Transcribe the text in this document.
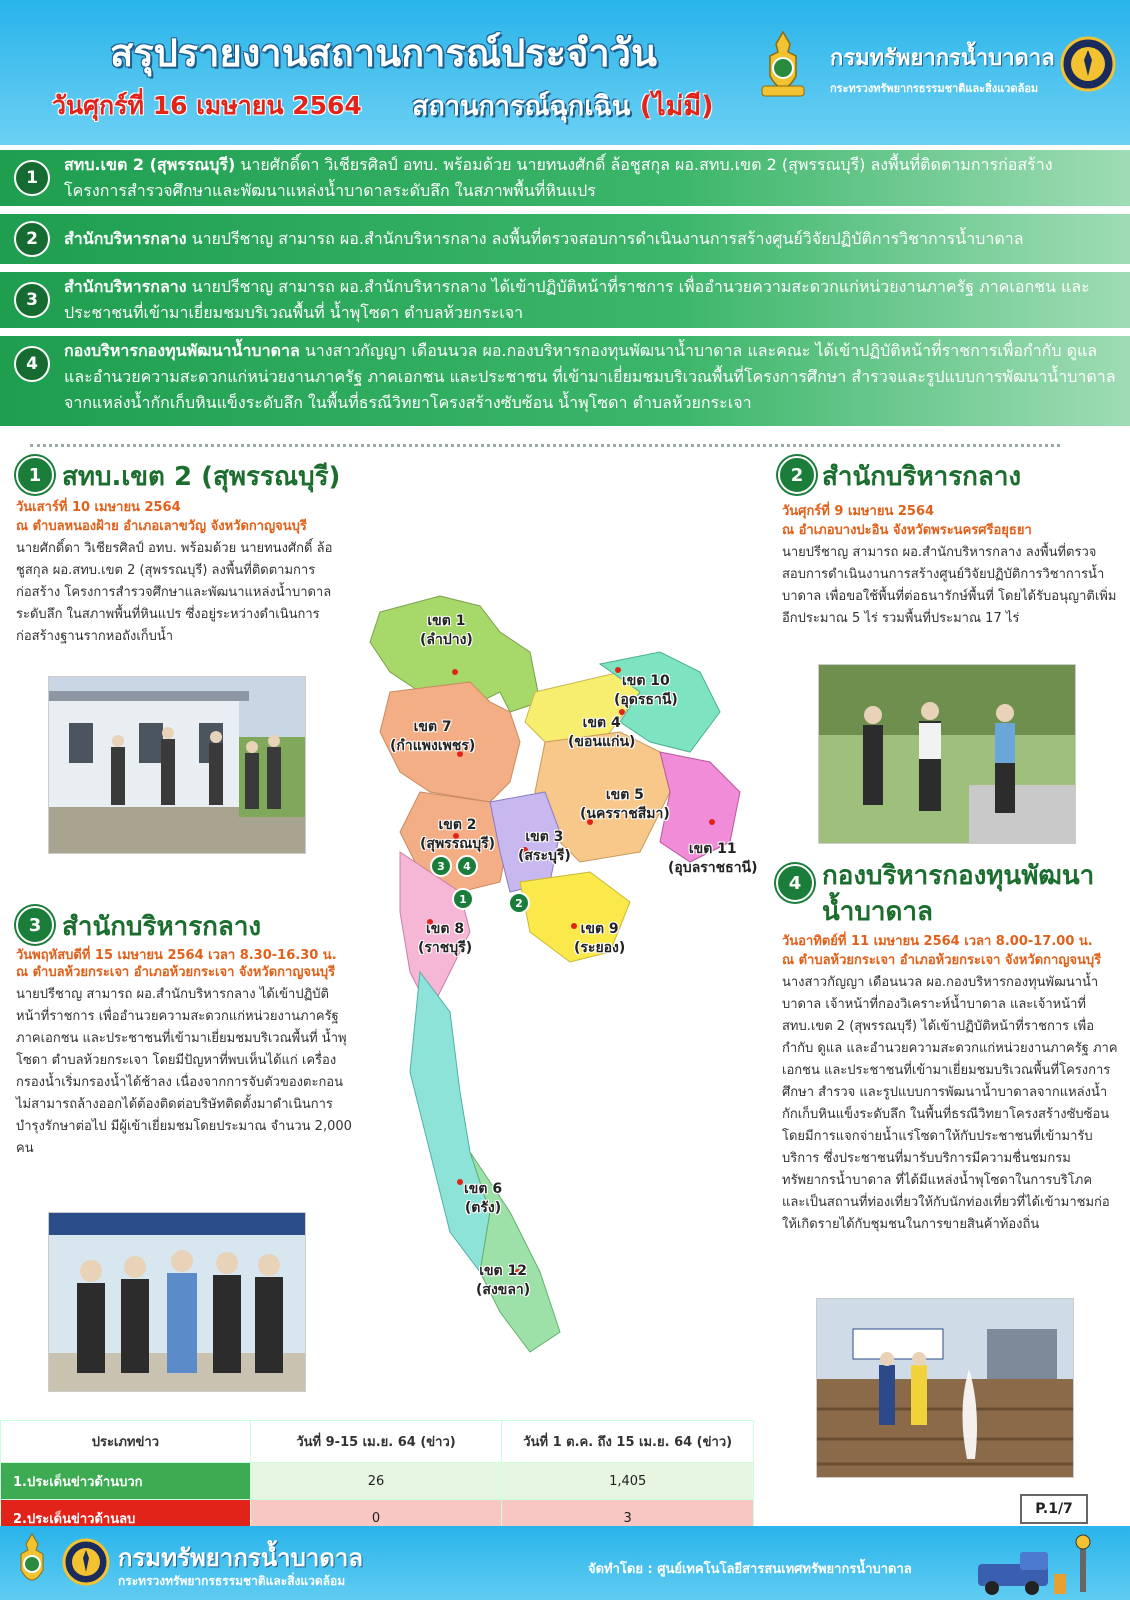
สรุปรายงานสถานการณ์ประจำวัน
วันศุกร์ที่ 16 เมษายน 2564 สถานการณ์ฉุกเฉิน (ไม่มี)
กรมทรัพยากรน้ำบาดาล
กระทรวงทรัพยากรธรรมชาติและสิ่งแวดล้อม
1
สทบ.เขต 2 (สุพรรณบุรี) นายศักดิ์ดา วิเชียรศิลป์ อทบ. พร้อมด้วย นายทนงศักดิ์ ล้อชูสกุล ผอ.สทบ.เขต 2 (สุพรรณบุรี) ลงพื้นที่ติดตามการก่อสร้าง โครงการสำรวจศึกษาและพัฒนาแหล่งน้ำบาดาลระดับลึก ในสภาพพื้นที่หินแปร
2	สำนักบริหารกลาง นายปรีชาญ สามารถ ผอ.สำนักบริหารกลาง ลงพื้นที่ตรวจสอบการดำเนินงานการสร้างศูนย์วิจัยปฏิบัติการวิชาการน้ำบาดาล
3
สำนักบริหารกลาง นายปรีชาญ สามารถ ผอ.สำนักบริหารกลาง ได้เข้าปฏิบัติหน้าที่ราชการ เพื่ออำนวยความสะดวกแก่หน่วยงานภาครัฐ ภาคเอกชน และประชาชนที่เข้ามาเยี่ยมชมบริเวณพื้นที่ น้ำพุโซดา ตำบลห้วยกระเจา
4
กองบริหารกองทุนพัฒนาน้ำบาดาล นางสาวกัญญา เดือนนวล ผอ.กองบริหารกองทุนพัฒนาน้ำบาดาล และคณะ ได้เข้าปฏิบัติหน้าที่ราชการเพื่อกำกับ ดูแล และอำนวยความสะดวกแก่หน่วยงานภาครัฐ ภาคเอกชน และประชาชน ที่เข้ามาเยี่ยมชมบริเวณพื้นที่โครงการศึกษา สำรวจและรูปแบบการพัฒนาน้ำบาดาลจากแหล่งน้ำกักเก็บหินแข็งระดับลึก ในพื้นที่ธรณีวิทยาโครงสร้างซับซ้อน น้ำพุโซดา ตำบลห้วยกระเจา
1 สทบ.เขต 2 (สุพรรณบุรี)
วันเสาร์ที่ 10 เมษายน 2564
ณ ตำบลหนองฝ้าย อำเภอเลาขวัญ จังหวัดกาญจนบุรี
นายศักดิ์ดา วิเชียรศิลป์ อทบ. พร้อมด้วย นายทนงศักดิ์ ล้อชูสกุล ผอ.สทบ.เขต 2 (สุพรรณบุรี) ลงพื้นที่ติดตามการก่อสร้าง โครงการสำรวจศึกษาและพัฒนาแหล่งน้ำบาดาลระดับลึก ในสภาพพื้นที่หินแปร ซึ่งอยู่ระหว่างดำเนินการก่อสร้างฐานรากหอถังเก็บน้ำ
3 สำนักบริหารกลาง
วันพฤหัสบดีที่ 15 เมษายน 2564 เวลา 8.30-16.30 น.
ณ ตำบลห้วยกระเจา อำเภอห้วยกระเจา จังหวัดกาญจนบุรี
นายปรีชาญ สามารถ ผอ.สำนักบริหารกลาง ได้เข้าปฏิบัติหน้าที่ราชการ เพื่ออำนวยความสะดวกแก่หน่วยงานภาครัฐ ภาคเอกชน และประชาชนที่เข้ามาเยี่ยมชมบริเวณพื้นที่ น้ำพุโซดา ตำบลห้วยกระเจา โดยมีปัญหาที่พบเห็นได้แก่ เครื่องกรองน้ำเริ่มกรองน้ำได้ช้าลง เนื่องจากการจับตัวของตะกอนไม่สามารถล้างออกได้ต้องติดต่อบริษัทติดตั้งมาดำเนินการบำรุงรักษาต่อไป มีผู้เข้าเยี่ยมชมโดยประมาณ จำนวน 2,000 คน
2 สำนักบริหารกลาง
วันศุกร์ที่ 9 เมษายน 2564
ณ อำเภอบางปะอิน จังหวัดพระนครศรีอยุธยา
นายปรีชาญ สามารถ ผอ.สำนักบริหารกลาง ลงพื้นที่ตรวจสอบการดำเนินงานการสร้างศูนย์วิจัยปฏิบัติการวิชาการน้ำบาดาล เพื่อขอใช้พื้นที่ต่อธนารักษ์พื้นที่ โดยได้รับอนุญาติเพิ่มอีกประมาณ 5 ไร่ รวมพื้นที่ประมาณ 17 ไร่
4 กองบริหารกองทุนพัฒนา
น้ำบาดาล
วันอาทิตย์ที่ 11 เมษายน 2564 เวลา 8.00-17.00 น.
ณ ตำบลห้วยกระเจา อำเภอห้วยกระเจา จังหวัดกาญจนบุรี
นางสาวกัญญา เดือนนวล ผอ.กองบริหารกองทุนพัฒนาน้ำบาดาล เจ้าหน้าที่กองวิเคราะห์น้ำบาดาล และเจ้าหน้าที่ สทบ.เขต 2 (สุพรรณบุรี) ได้เข้าปฏิบัติหน้าที่ราชการ เพื่อกำกับ ดูแล และอำนวยความสะดวกแก่หน่วยงานภาครัฐ ภาคเอกชน และประชาชนที่เข้ามาเยี่ยมชมบริเวณพื้นที่โครงการศึกษา สำรวจ และรูปแบบการพัฒนาน้ำบาดาลจากแหล่งน้ำกักเก็บหินแข็งระดับลึก ในพื้นที่ธรณีวิทยาโครงสร้างซับซ้อน โดยมีการแจกจ่ายน้ำแร่โซดาให้กับประชาชนที่เข้ามารับบริการ ซึ่งประชาชนที่มารับบริการมีความชื่นชมกรมทรัพยากรน้ำบาดาล ที่ได้มีแหล่งน้ำพุโซดาในการบริโภค และเป็นสถานที่ท่องเที่ยวให้กับนักท่องเที่ยวที่ได้เข้ามาชมก่อให้เกิดรายได้กับชุมชนในการขายสินค้าท้องถิ่น
เขต 1
(ลำปาง)
เขต 10
(อุดรธานี)
เขต 4
(ขอนแก่น)
เขต 7
(กำแพงเพชร)
เขต 5
(นครราชสีมา)
เขต 2
(สุพรรณบุรี)	เขต 3
(สระบุรี)	เขต 11
(อุบลราชธานี)
เขต 8
(ราชบุรี)
เขต 9
(ระยอง)
เขต 6
(ตรัง)
เขต 12
(สงขลา)
3	4
1	2
ประเภทข่าว	วันที่ 9-15 เม.ย. 64 (ข่าว)	วันที่ 1 ต.ค. ถึง 15 เม.ย. 64 (ข่าว)
1.ประเด็นข่าวด้านบวก	26	1,405
2.ประเด็นข่าวด้านลบ	0	3
P.1/7
กรมทรัพยากรน้ำบาดาล
กระทรวงทรัพยากรธรรมชาติและสิ่งแวดล้อม
จัดทำโดย : ศูนย์เทคโนโลยีสารสนเทศทรัพยากรน้ำบาดาล
